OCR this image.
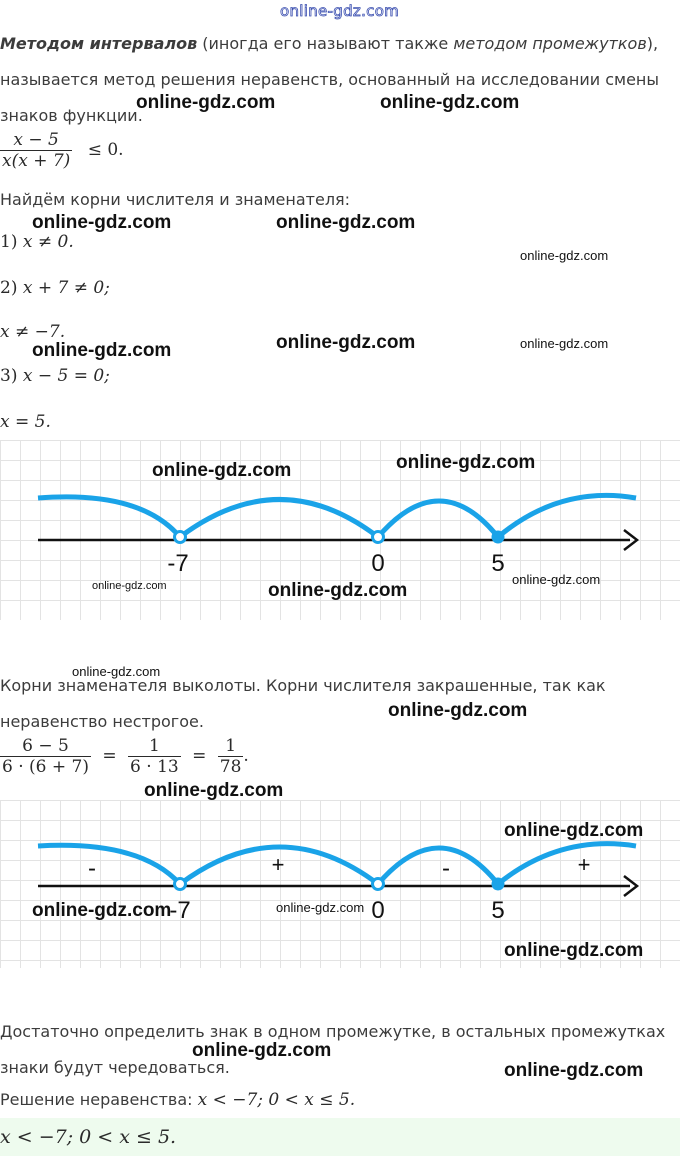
online-gdz.com
Методом интервалов (иногда его называют также методом промежутков),
называется метод решения неравенств, основанный на исследовании смены
знаков функции.
$\frac{x - 5}{x(x + 7)} \le 0$.
Найдём корни числителя и знаменателя:
1) x ≠ 0.
2) x + 7 ≠ 0;
x ≠ −7.
3) x − 5 = 0;
x = 5.
-7	0	5
Корни знаменателя выколоты. Корни числителя закрашенные, так как
неравенство нестрогое.
$\frac{6 - 5}{6 \cdot (6 + 7)} = \frac{1}{6 \cdot 13} = \frac{1}{78}$ .
-	+	-	+
-7	0	5
Достаточно определить знак в одном промежутке, в остальных промежутках
знаки будут чередоваться.
Решение неравенства: x < −7; 0 < x ≤ 5.
x < −7; 0 < x ≤ 5.
online-gdz.com	online-gdz.com
online-gdz.com	online-gdz.com
online-gdz.com
online-gdz.com
online-gdz.com	online-gdz.com
online-gdz.com	online-gdz.com
online-gdz.com	online-gdz.com
online-gdz.com
online-gdz.com
online-gdz.com
online-gdz.com
online-gdz.com
online-gdz.com	online-gdz.com
online-gdz.com
online-gdz.com
online-gdz.com
